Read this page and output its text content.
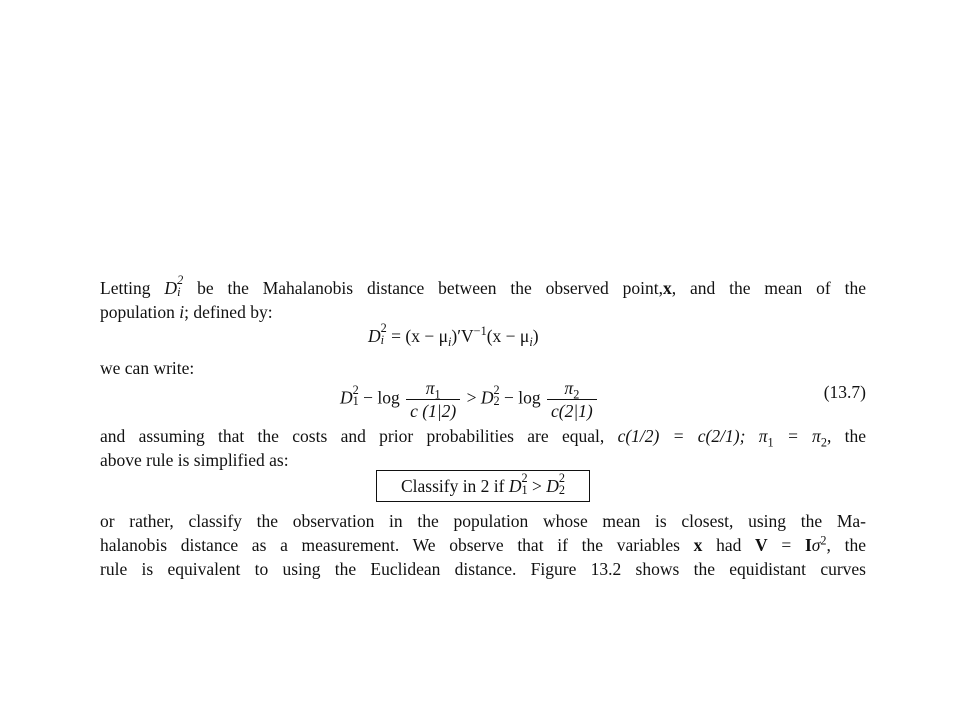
Letting D 2
i be the Mahalanobis distance between the observed point,x, and the mean of the
population i; defined by:
D 2
$i = (x - \mu_i)'V^{-1}(x - \mu_i)$
we can write:
D 2
$1 - \log \frac{\pi_1}{c (1|2)} > D$ 2
$2 - \log \frac{\pi_2}{c(2|1)}$	(13.7)
and assuming that the costs and prior probabilities are equal, c(1/2) = c(2/1); $\pi_1 = \pi_2$, the
above rule is simplified as:
Classify in 2 if D 2
1 > D 2
2
or rather, classify the observation in the population whose mean is closest, using the Ma-
halanobis distance as a measurement. We observe that if the variables x had $V = I\sigma^2$, the
rule is equivalent to using the Euclidean distance. Figure 13.2 shows the equidistant curves
